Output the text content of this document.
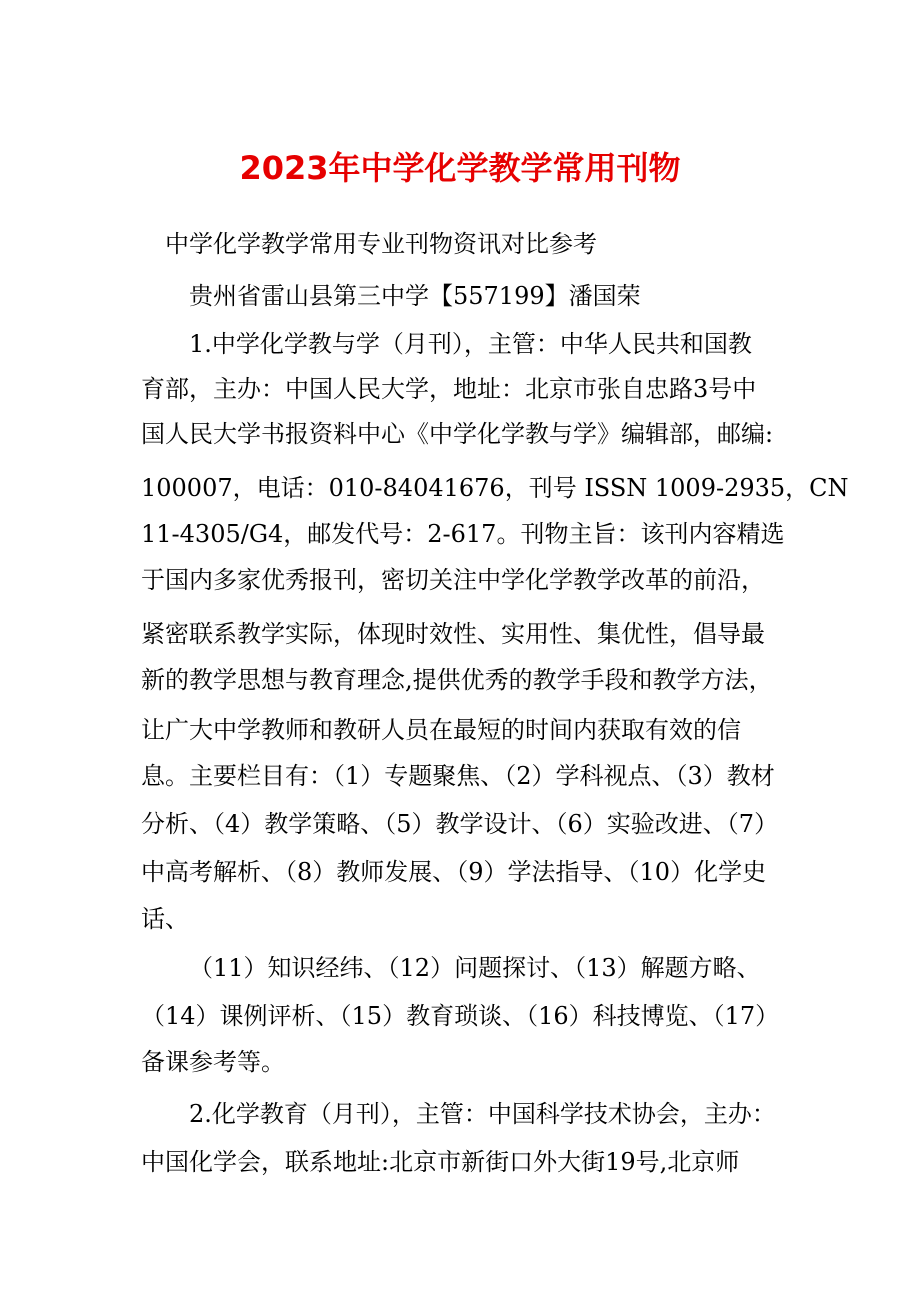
2023年中学化学教学常用刊物

中学化学教学常用专业刊物资讯对比参考

贵州省雷山县第三中学【557199】潘国荣

1.中学化学教与学（月刊），主管：中华人民共和国教

育部，主办：中国人民大学，地址：北京市张自忠路3号中

国人民大学书报资料中心《中学化学教与学》编辑部，邮编:

100007，电话：010-84041676，刊号 ISSN 1009-2935，CN

11-4305/G4，邮发代号：2-617。刊物主旨：该刊内容精选

于国内多家优秀报刊，密切关注中学化学教学改革的前沿，

紧密联系教学实际，体现时效性、实用性、集优性，倡导最

新的教学思想与教育理念,提供优秀的教学手段和教学方法，

让广大中学教师和教研人员在最短的时间内获取有效的信

息。主要栏目有：（1）专题聚焦、（2）学科视点、（3）教材

分析、（4）教学策略、（5）教学设计、（6）实验改进、（7）

中高考解析、（8）教师发展、（9）学法指导、（10）化学史

话、

（11）知识经纬、（12）问题探讨、（13）解题方略、

（14）课例评析、（15）教育琐谈、（16）科技博览、（17）

备课参考等。

2.化学教育（月刊），主管：中国科学技术协会，主办：

中国化学会，联系地址:北京市新街口外大街19号,北京师
